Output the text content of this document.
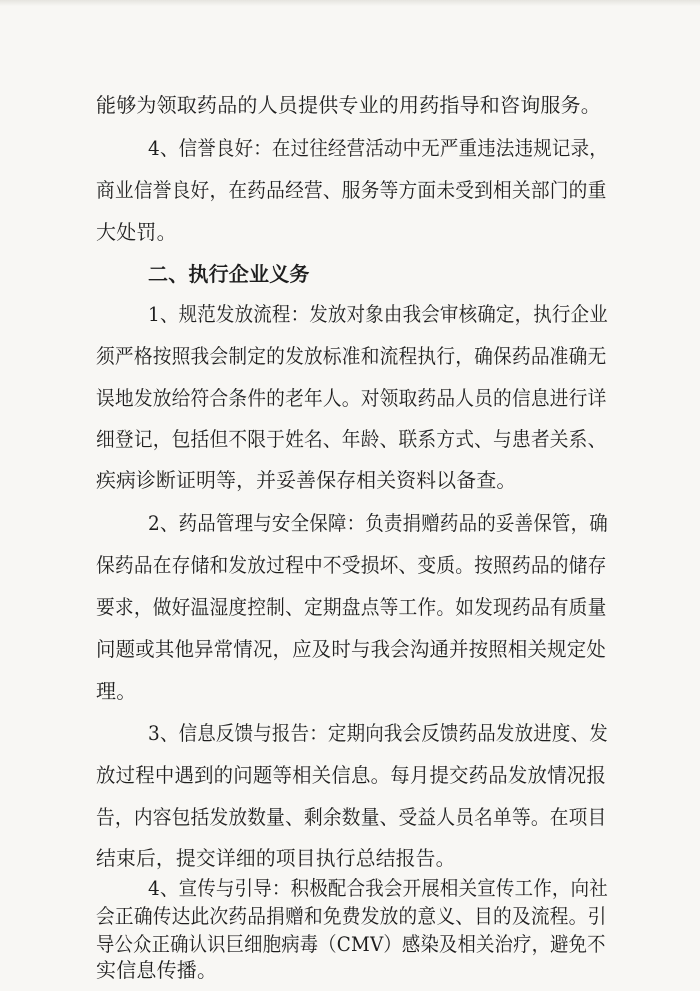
能够为领取药品的人员提供专业的用药指导和咨询服务。
4、信誉良好：在过往经营活动中无严重违法违规记录，
商业信誉良好，在药品经营、服务等方面未受到相关部门的重
大处罚。
二、执行企业义务
1、规范发放流程：发放对象由我会审核确定，执行企业
须严格按照我会制定的发放标准和流程执行，确保药品准确无
误地发放给符合条件的老年人。对领取药品人员的信息进行详
细登记，包括但不限于姓名、年龄、联系方式、与患者关系、
疾病诊断证明等，并妥善保存相关资料以备查。
2、药品管理与安全保障：负责捐赠药品的妥善保管，确
保药品在存储和发放过程中不受损坏、变质。按照药品的储存
要求，做好温湿度控制、定期盘点等工作。如发现药品有质量
问题或其他异常情况，应及时与我会沟通并按照相关规定处
理。
3、信息反馈与报告：定期向我会反馈药品发放进度、发
放过程中遇到的问题等相关信息。每月提交药品发放情况报
告，内容包括发放数量、剩余数量、受益人员名单等。在项目
结束后，提交详细的项目执行总结报告。
4、宣传与引导：积极配合我会开展相关宣传工作，向社
会正确传达此次药品捐赠和免费发放的意义、目的及流程。引
导公众正确认识巨细胞病毒（CMV）感染及相关治疗，避免不
实信息传播。
